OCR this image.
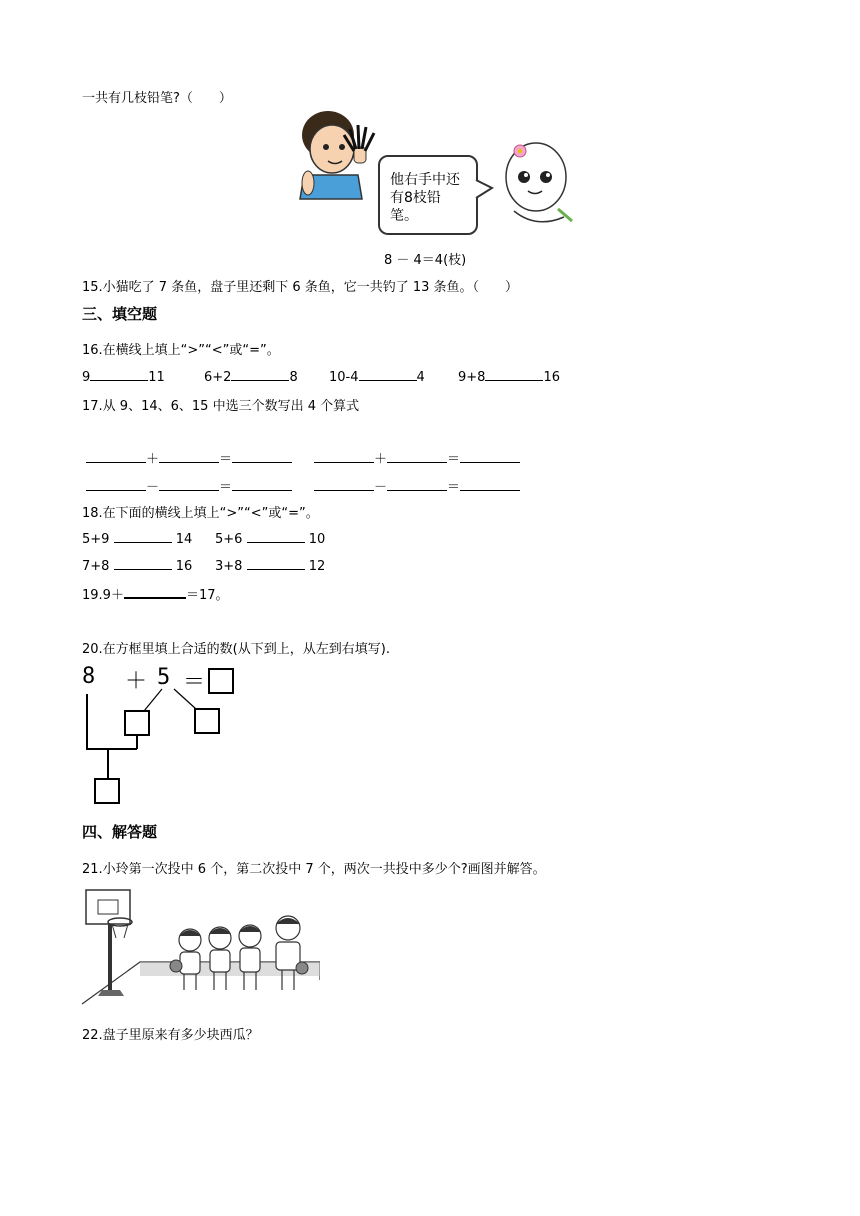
一共有几枝铅笔?（　　）
他右手中还
有8枝铅笔。
8 － 4＝4(枝)
15.小猫吃了 7 条鱼，盘子里还剩下 6 条鱼，它一共钓了 13 条鱼。（　　）
三、填空题
16.在横线上填上“>”“<”或“=”。
9	11	6+2	8 10-4	4	9+8	16
17.从 9、14、6、15 中选三个数写出 4 个算式
＋	＝	＋	＝
－	＝	－	＝
18.在下面的横线上填上“>”“<”或“=”。
5+9	14 5+6	10
7+8	16 3+8	12
19.9＋	＝17。
20.在方框里填上合适的数(从下到上，从左到右填写).
8 ＋ 5 ＝
四、解答题
21.小玲第一次投中 6 个，第二次投中 7 个，两次一共投中多少个?画图并解答。
22.盘子里原来有多少块西瓜？
